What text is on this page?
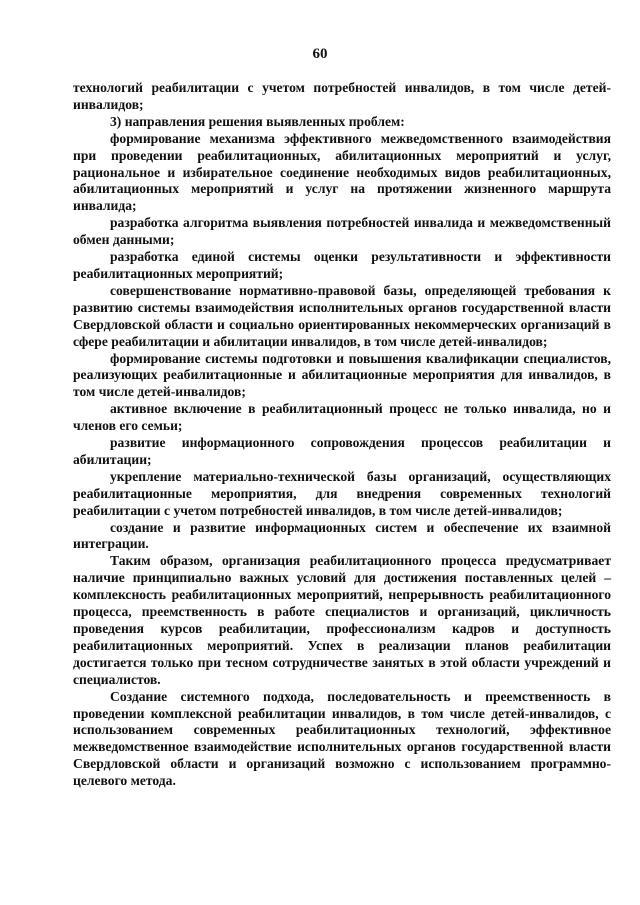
60

технологий реабилитации с учетом потребностей инвалидов, в том числе детей-инвалидов;

3) направления решения выявленных проблем:

формирование механизма эффективного межведомственного взаимодействия при проведении реабилитационных, абилитационных мероприятий и услуг, рациональное и избирательное соединение необходимых видов реабилитационных, абилитационных мероприятий и услуг на протяжении жизненного маршрута инвалида;

разработка алгоритма выявления потребностей инвалида и межведомственный обмен данными;

разработка единой системы оценки результативности и эффективности реабилитационных мероприятий;

совершенствование нормативно-правовой базы, определяющей требования к развитию системы взаимодействия исполнительных органов государственной власти Свердловской области и социально ориентированных некоммерческих организаций в сфере реабилитации и абилитации инвалидов, в том числе детей-инвалидов;

формирование системы подготовки и повышения квалификации специалистов, реализующих реабилитационные и абилитационные мероприятия для инвалидов, в том числе детей-инвалидов;

активное включение в реабилитационный процесс не только инвалида, но и членов его семьи;

развитие информационного сопровождения процессов реабилитации и абилитации;

укрепление материально-технической базы организаций, осуществляющих реабилитационные мероприятия, для внедрения современных технологий реабилитации с учетом потребностей инвалидов, в том числе детей-инвалидов;

создание и развитие информационных систем и обеспечение их взаимной интеграции.

Таким образом, организация реабилитационного процесса предусматривает наличие принципиально важных условий для достижения поставленных целей – комплексность реабилитационных мероприятий, непрерывность реабилитационного процесса, преемственность в работе специалистов и организаций, цикличность проведения курсов реабилитации, профессионализм кадров и доступность реабилитационных мероприятий. Успех в реализации планов реабилитации достигается только при тесном сотрудничестве занятых в этой области учреждений и специалистов.

Создание системного подхода, последовательность и преемственность в проведении комплексной реабилитации инвалидов, в том числе детей-инвалидов, с использованием современных реабилитационных технологий, эффективное межведомственное взаимодействие исполнительных органов государственной власти Свердловской области и организаций возможно с использованием программно-целевого метода.
